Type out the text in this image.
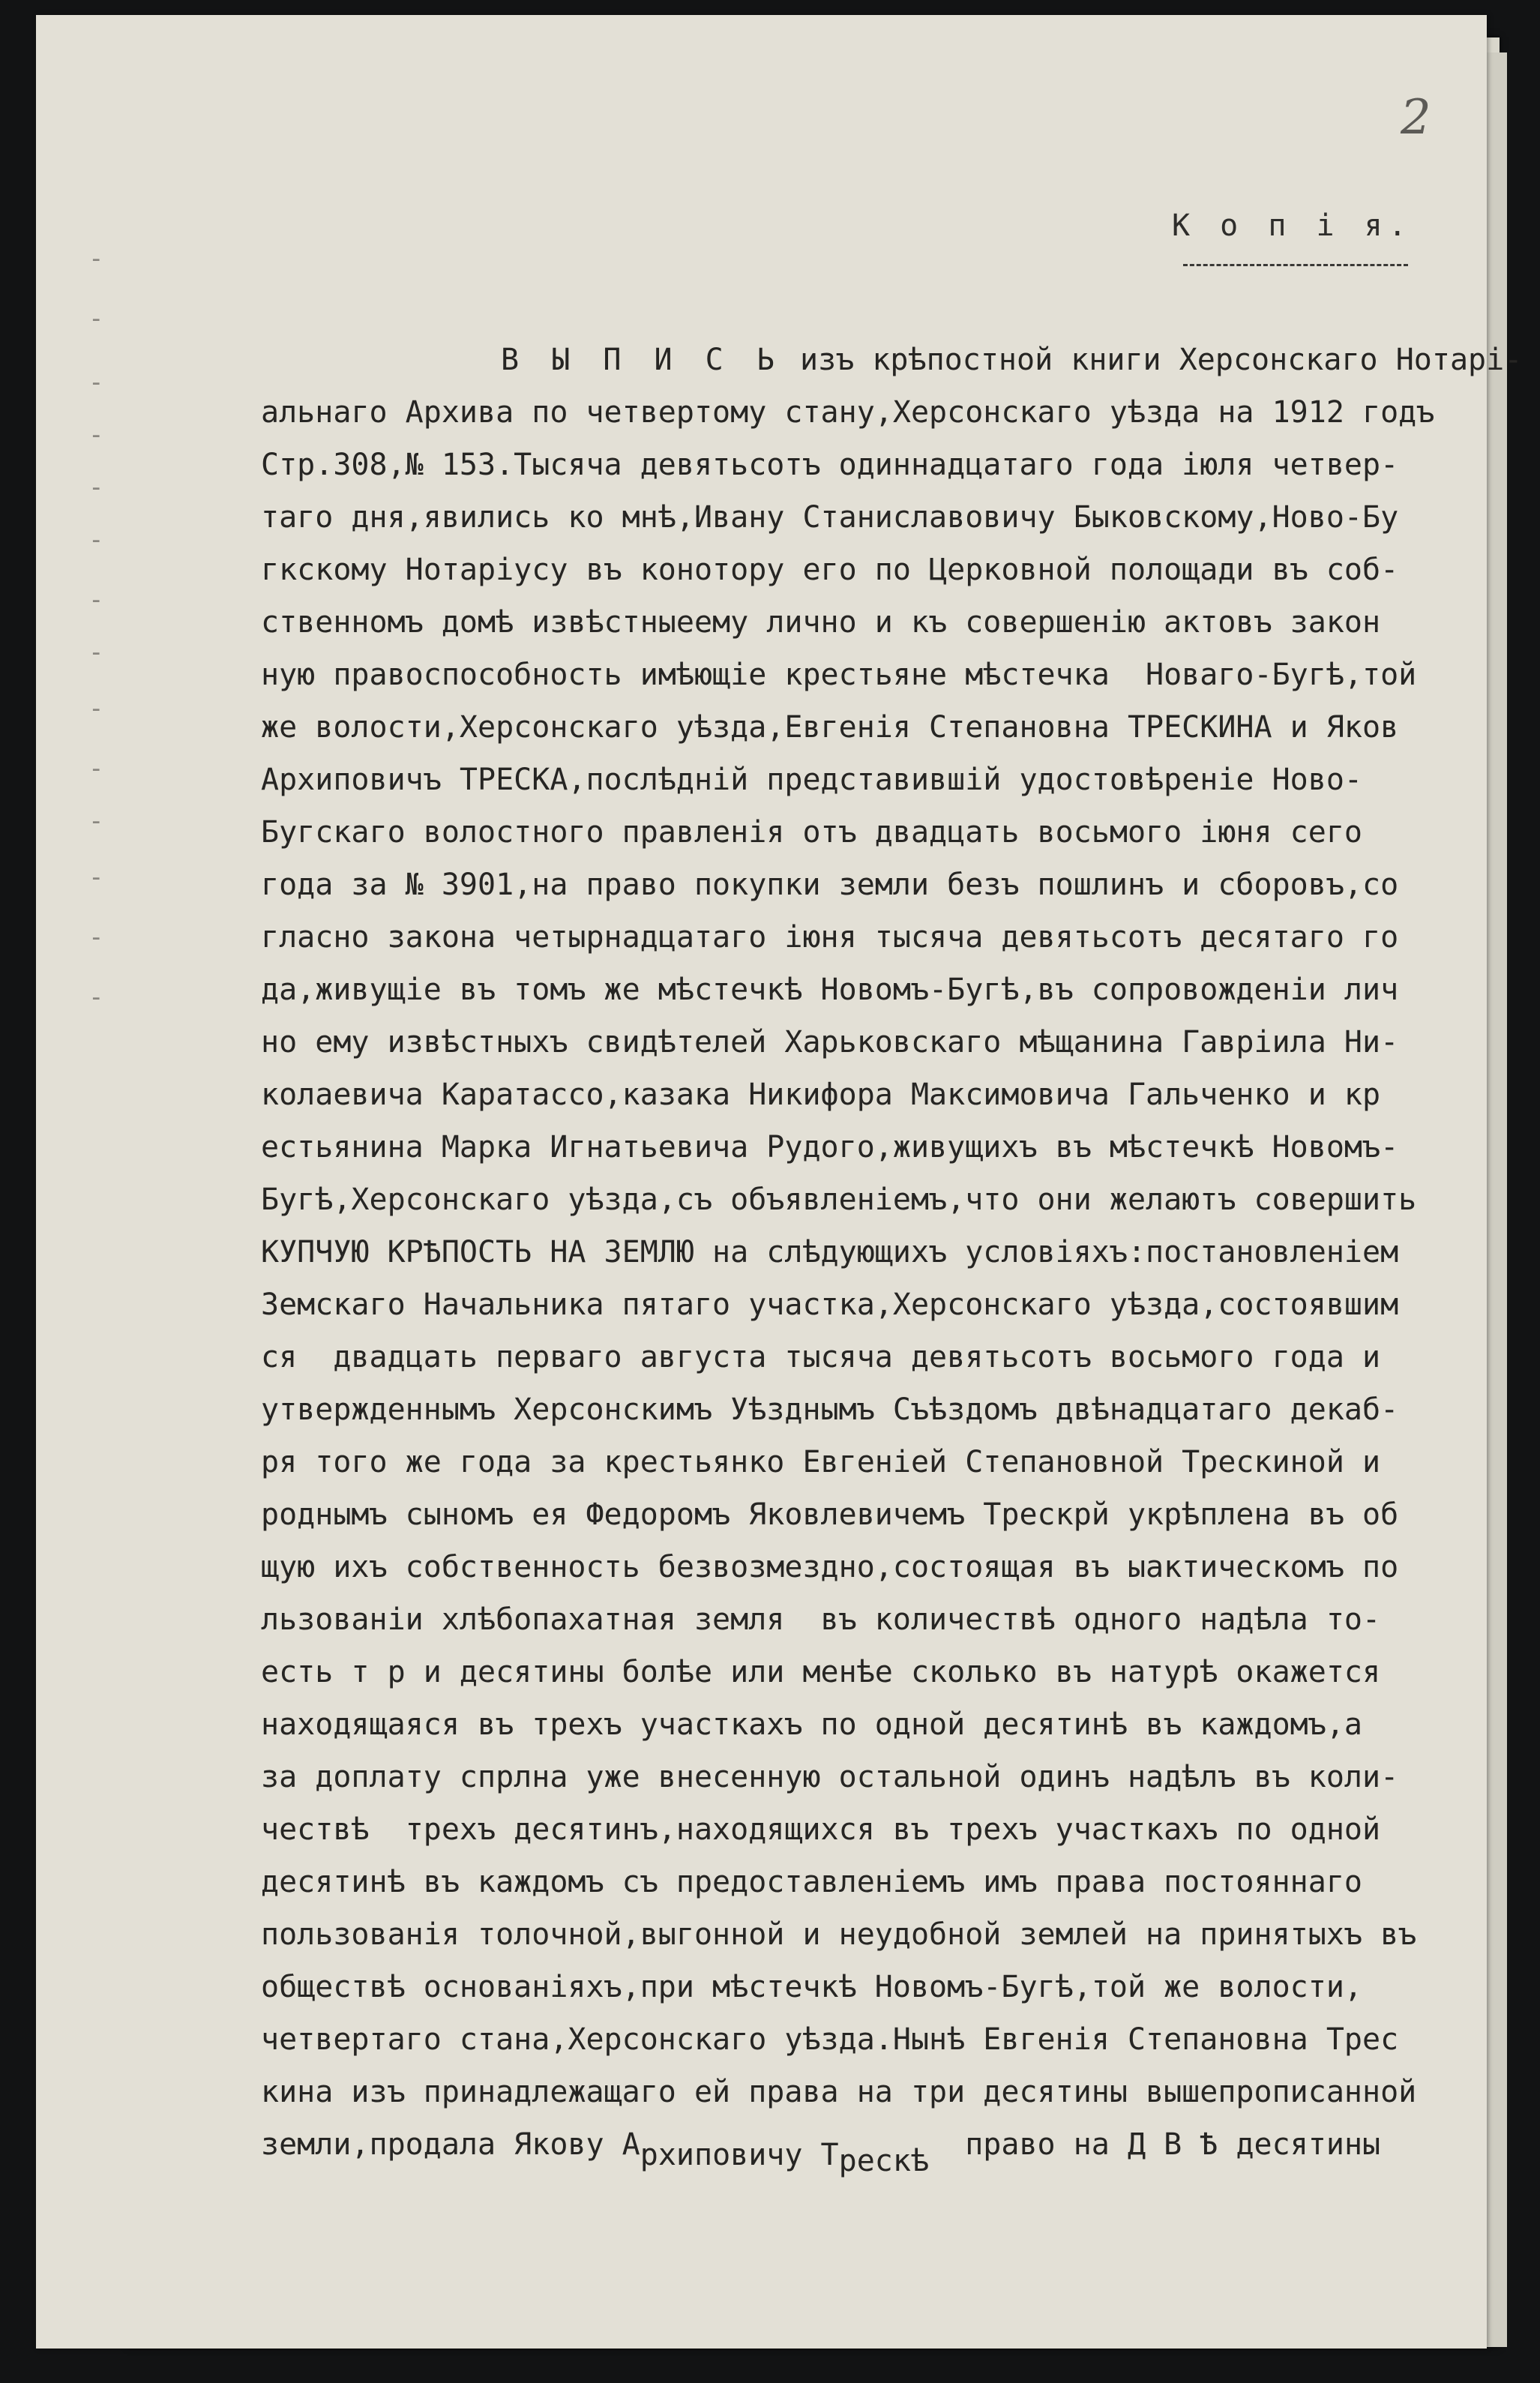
2
К о п і я.
-
-
-
-
-
-
-
-
-
-
-
-
-
-
В Ы П И С Ь изъ крѣпостной книги Херсонскаго Нотарі-
альнаго Архива по четвертому стану,Херсонскаго уѣзда на 1912 годъ
Стр.308,№ 153.Тысяча девятьсотъ одиннадцатаго года іюля четвер-
таго дня,явились ко мнѣ,Ивану Станиславовичу Быковскому,Ново-Бу
гкскому Нотаріусу въ конотору его по Церковной полощади въ соб-
ственномъ домѣ извѣстныеему лично и къ совершенію актовъ закон
ную правоспособность имѣющіе крестьяне мѣстечка  Новаго-Бугѣ,той
же волости,Херсонскаго уѣзда,Евгенія Степановна ТРЕСКИНА и Яков
Архиповичъ ТРЕСКА,послѣдній представившій удостовѣреніе Ново-
Бугскаго волостного правленія отъ двадцать восьмого іюня сего
года за № 3901,на право покупки земли безъ пошлинъ и сборовъ,со
гласно закона четырнадцатаго іюня тысяча девятьсотъ десятаго го
да,живущіе въ томъ же мѣстечкѣ Новомъ-Бугѣ,въ сопровожденіи лич
но ему извѣстныхъ свидѣтелей Харьковскаго мѣщанина Гавріила Ни-
колаевича Каратассо,казака Никифора Максимовича Гальченко и кр
естьянина Марка Игнатьевича Рудого,живущихъ въ мѣстечкѣ Новомъ-
Бугѣ,Херсонскаго уѣзда,съ объявленіемъ,что они желаютъ совершить
КУПЧУЮ КРѢПОСТЬ НА ЗЕМЛЮ на слѣдующихъ условіяхъ:постановленіем
Земскаго Начальника пятаго участка,Херсонскаго уѣзда,состоявшим
ся  двадцать перваго августа тысяча девятьсотъ восьмого года и
утвержденнымъ Херсонскимъ Уѣзднымъ Съѣздомъ двѣнадцатаго декаб-
ря того же года за крестьянко Евгеніей Степановной Трескиной и
роднымъ сыномъ ея Федоромъ Яковлевичемъ Трескрй укрѣплена въ об
щую ихъ собственность безвозмездно,состоящая въ ыактическомъ по
льзованіи хлѣбопахатная земля  въ количествѣ одного надѣла то-
есть т р и десятины болѣе или менѣе сколько въ натурѣ окажется
находящаяся въ трехъ участкахъ по одной десятинѣ въ каждомъ,а
за доплату спрлна уже внесенную остальной одинъ надѣлъ въ коли-
чествѣ  трехъ десятинъ,находящихся въ трехъ участкахъ по одной
десятинѣ въ каждомъ съ предоставленіемъ имъ права постояннаго
пользованія толочной,выгонной и неудобной землей на принятыхъ въ
обществѣ основаніяхъ,при мѣстечкѣ Новомъ-Бугѣ,той же волости,
четвертаго стана,Херсонскаго уѣзда.Нынѣ Евгенія Степановна Трес
кина изъ принадлежащаго ей права на три десятины вышепрописанной
земли,продала Якову Архиповичу Трескѣ  право на Д В Ѣ десятины
